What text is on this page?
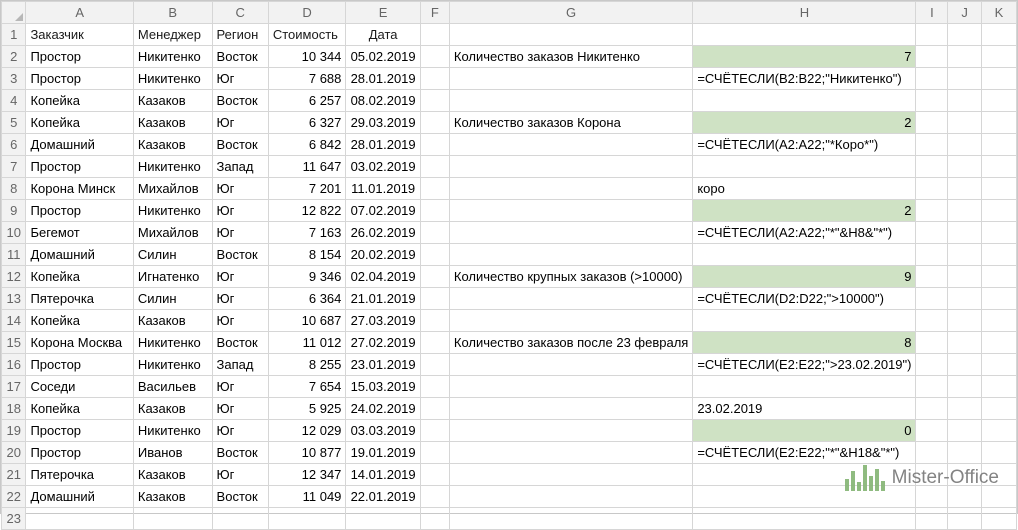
	A	B	C	D	E	F	G	H	I	J	K
1	Заказчик	Менеджер	Регион	Стоимость	Дата						
2	Простор	Никитенко	Восток	10 344	05.02.2019		Количество заказов Никитенко	7			
3	Простор	Никитенко	Юг	7 688	28.01.2019			=СЧЁТЕСЛИ(B2:B22;"Никитенко")			
4	Копейка	Казаков	Восток	6 257	08.02.2019						
5	Копейка	Казаков	Юг	6 327	29.03.2019		Количество заказов Корона	2			
6	Домашний	Казаков	Восток	6 842	28.01.2019			=СЧЁТЕСЛИ(A2:A22;"*Коро*")			
7	Простор	Никитенко	Запад	11 647	03.02.2019						
8	Корона Минск	Михайлов	Юг	7 201	11.01.2019			коро			
9	Простор	Никитенко	Юг	12 822	07.02.2019			2			
10	Бегемот	Михайлов	Юг	7 163	26.02.2019			=СЧЁТЕСЛИ(A2:A22;"*"&H8&"*")			
11	Домашний	Силин	Восток	8 154	20.02.2019						
12	Копейка	Игнатенко	Юг	9 346	02.04.2019		Количество крупных заказов (>10000)	9			
13	Пятерочка	Силин	Юг	6 364	21.01.2019			=СЧЁТЕСЛИ(D2:D22;">10000")			
14	Копейка	Казаков	Юг	10 687	27.03.2019						
15	Корона Москва	Никитенко	Восток	11 012	27.02.2019		Количество заказов после 23 февраля	8			
16	Простор	Никитенко	Запад	8 255	23.01.2019			=СЧЁТЕСЛИ(E2:E22;">23.02.2019")			
17	Соседи	Васильев	Юг	7 654	15.03.2019						
18	Копейка	Казаков	Юг	5 925	24.02.2019			23.02.2019			
19	Простор	Никитенко	Юг	12 029	03.03.2019			0			
20	Простор	Иванов	Восток	10 877	19.01.2019			=СЧЁТЕСЛИ(E2:E22;"*"&H18&"*")			
21	Пятерочка	Казаков	Юг	12 347	14.01.2019						
22	Домашний	Казаков	Восток	11 049	22.01.2019						
23											
Mister-Office
